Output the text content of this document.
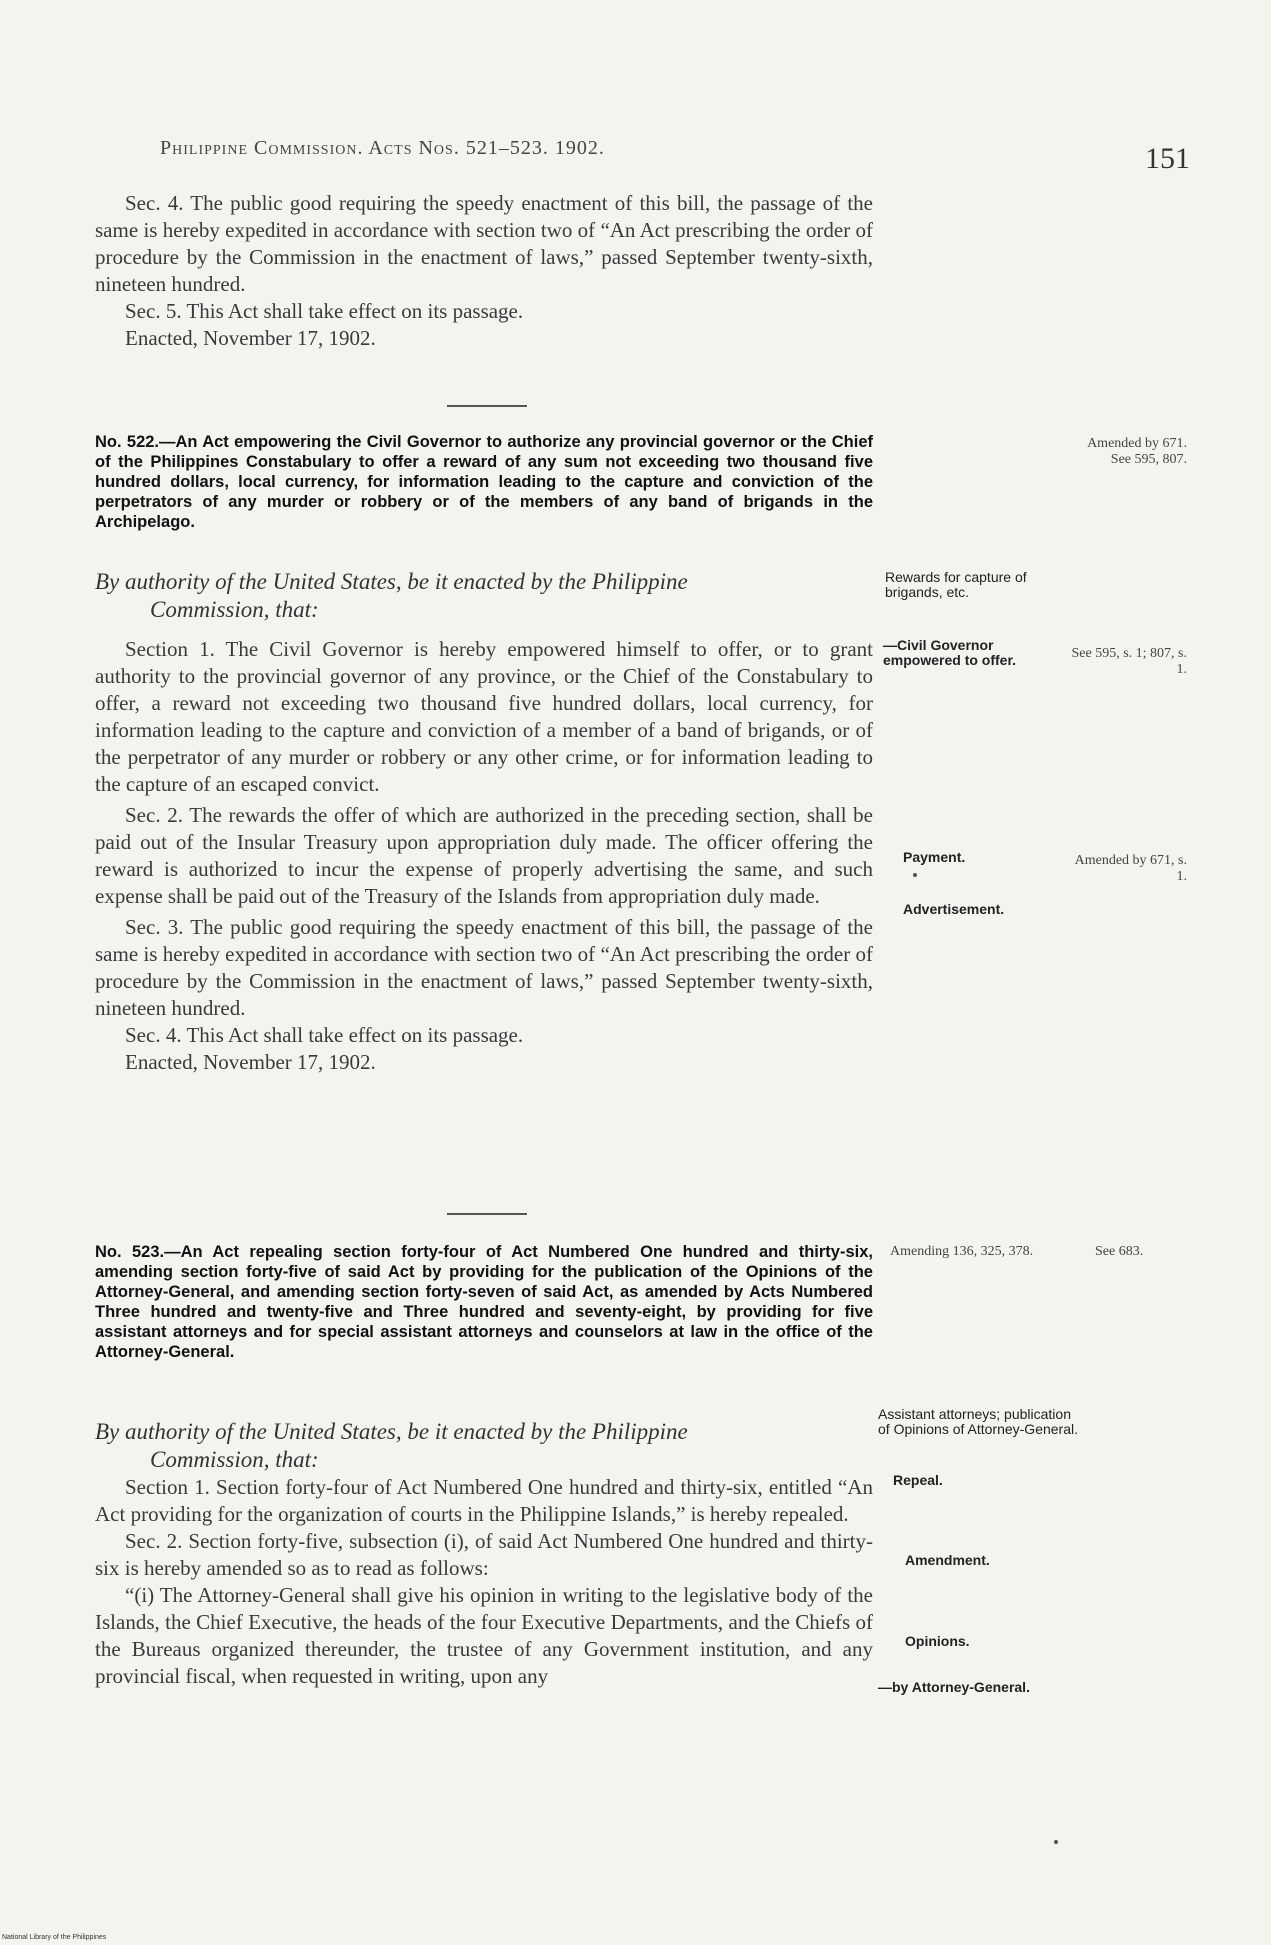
Philippine Commission. Acts Nos. 521–523. 1902.	151

Sec. 4. The public good requiring the speedy enactment of this bill, the passage of the same is hereby expedited in accordance with section two of “An Act prescribing the order of procedure by the Commission in the enactment of laws,” passed September twenty-sixth, nineteen hundred.

Sec. 5. This Act shall take effect on its passage.

Enacted, November 17, 1902.

No. 522.—An Act empowering the Civil Governor to authorize any provincial governor or the Chief of the Philippines Constabulary to offer a reward of any sum not exceeding two thousand five hundred dollars, local currency, for information leading to the capture and conviction of the perpetrators of any murder or robbery or of the members of any band of brigands in the Archipelago.
Amended by 671. See 595, 807.
By authority of the United States, be it enacted by the Philippine
Commission, that:
Rewards for capture of brigands, etc.

Section 1. The Civil Governor is hereby empowered himself to offer, or to grant authority to the provincial governor of any province, or the Chief of the Constabulary to offer, a reward not exceeding two thousand five hundred dollars, local currency, for information leading to the capture and conviction of a member of a band of brigands, or of the perpetrator of any murder or robbery or any other crime, or for information leading to the capture of an escaped convict.

Sec. 2. The rewards the offer of which are authorized in the preceding section, shall be paid out of the Insular Treasury upon appropriation duly made. The officer offering the reward is authorized to incur the expense of properly advertising the same, and such expense shall be paid out of the Treasury of the Islands from appropriation duly made.

Sec. 3. The public good requiring the speedy enactment of this bill, the passage of the same is hereby expedited in accordance with section two of “An Act prescribing the order of procedure by the Commission in the enactment of laws,” passed September twenty-sixth, nineteen hundred.

Sec. 4. This Act shall take effect on its passage.

Enacted, November 17, 1902.

—Civil Governor empowered to offer.	See 595, s. 1; 807, s. 1.
Payment.	Amended by 671, s. 1.
Advertisement.
No. 523.—An Act repealing section forty-four of Act Numbered One hundred and thirty-six, amending section forty-five of said Act by providing for the publication of the Opinions of the Attorney-General, and amending section forty-seven of said Act, as amended by Acts Numbered Three hundred and twenty-five and Three hundred and seventy-eight, by providing for five assistant attorneys and for special assistant attorneys and counselors at law in the office of the Attorney-General.
Amending 136, 325, 378.	See 683.
By authority of the United States, be it enacted by the Philippine
Commission, that:
Assistant attorneys; publication of Opinions of Attorney-General.

Section 1. Section forty-four of Act Numbered One hundred and thirty-six, entitled “An Act providing for the organization of courts in the Philippine Islands,” is hereby repealed.

Sec. 2. Section forty-five, subsection (i), of said Act Numbered One hundred and thirty-six is hereby amended so as to read as follows:

“(i) The Attorney-General shall give his opinion in writing to the legislative body of the Islands, the Chief Executive, the heads of the four Executive Departments, and the Chiefs of the Bureaus organized thereunder, the trustee of any Government institution, and any provincial fiscal, when requested in writing, upon any

Repeal.
Amendment.
Opinions.
—by Attorney-General.
National Library of the Philippines
